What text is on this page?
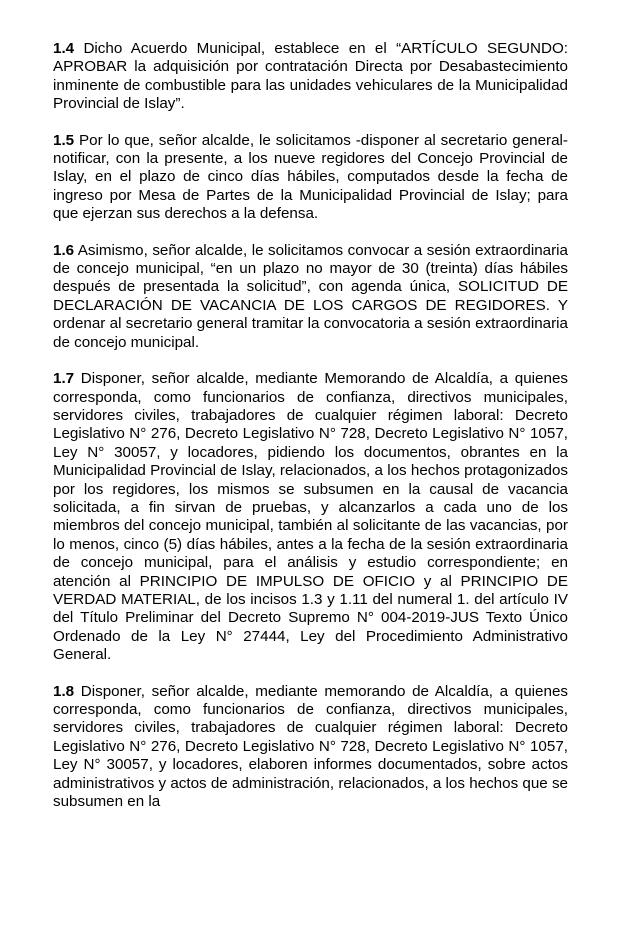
1.4 Dicho Acuerdo Municipal, establece en el “ARTÍCULO SEGUNDO: APROBAR la adquisición por contratación Directa por Desabastecimiento inminente de combustible para las unidades vehiculares de la Municipalidad Provincial de Islay”.

1.5 Por lo que, señor alcalde, le solicitamos -disponer al secretario general- notificar, con la presente, a los nueve regidores del Concejo Provincial de Islay, en el plazo de cinco días hábiles, computados desde la fecha de ingreso por Mesa de Partes de la Municipalidad Provincial de Islay; para que ejerzan sus derechos a la defensa.

1.6 Asimismo, señor alcalde, le solicitamos convocar a sesión extraordinaria de concejo municipal, “en un plazo no mayor de 30 (treinta) días hábiles después de presentada la solicitud”, con agenda única, SOLICITUD DE DECLARACIÓN DE VACANCIA DE LOS CARGOS DE REGIDORES. Y ordenar al secretario general tramitar la convocatoria a sesión extraordinaria de concejo municipal.

1.7 Disponer, señor alcalde, mediante Memorando de Alcaldía, a quienes corresponda, como funcionarios de confianza, directivos municipales, servidores civiles, trabajadores de cualquier régimen laboral: Decreto Legislativo N° 276, Decreto Legislativo N° 728, Decreto Legislativo N° 1057, Ley N° 30057, y locadores, pidiendo los documentos, obrantes en la Municipalidad Provincial de Islay, relacionados, a los hechos protagonizados por los regidores, los mismos se subsumen en la causal de vacancia solicitada, a fin sirvan de pruebas, y alcanzarlos a cada uno de los miembros del concejo municipal, también al solicitante de las vacancias, por lo menos, cinco (5) días hábiles, antes a la fecha de la sesión extraordinaria de concejo municipal, para el análisis y estudio correspondiente; en atención al PRINCIPIO DE IMPULSO DE OFICIO y al PRINCIPIO DE VERDAD MATERIAL, de los incisos 1.3 y 1.11 del numeral 1. del artículo IV del Título Preliminar del Decreto Supremo N° 004-2019-JUS Texto Único Ordenado de la Ley N° 27444, Ley del Procedimiento Administrativo General.

1.8 Disponer, señor alcalde, mediante memorando de Alcaldía, a quienes corresponda, como funcionarios de confianza, directivos municipales, servidores civiles, trabajadores de cualquier régimen laboral: Decreto Legislativo N° 276, Decreto Legislativo N° 728, Decreto Legislativo N° 1057, Ley N° 30057, y locadores, elaboren informes documentados, sobre actos administrativos y actos de administración, relacionados, a los hechos que se subsumen en la
